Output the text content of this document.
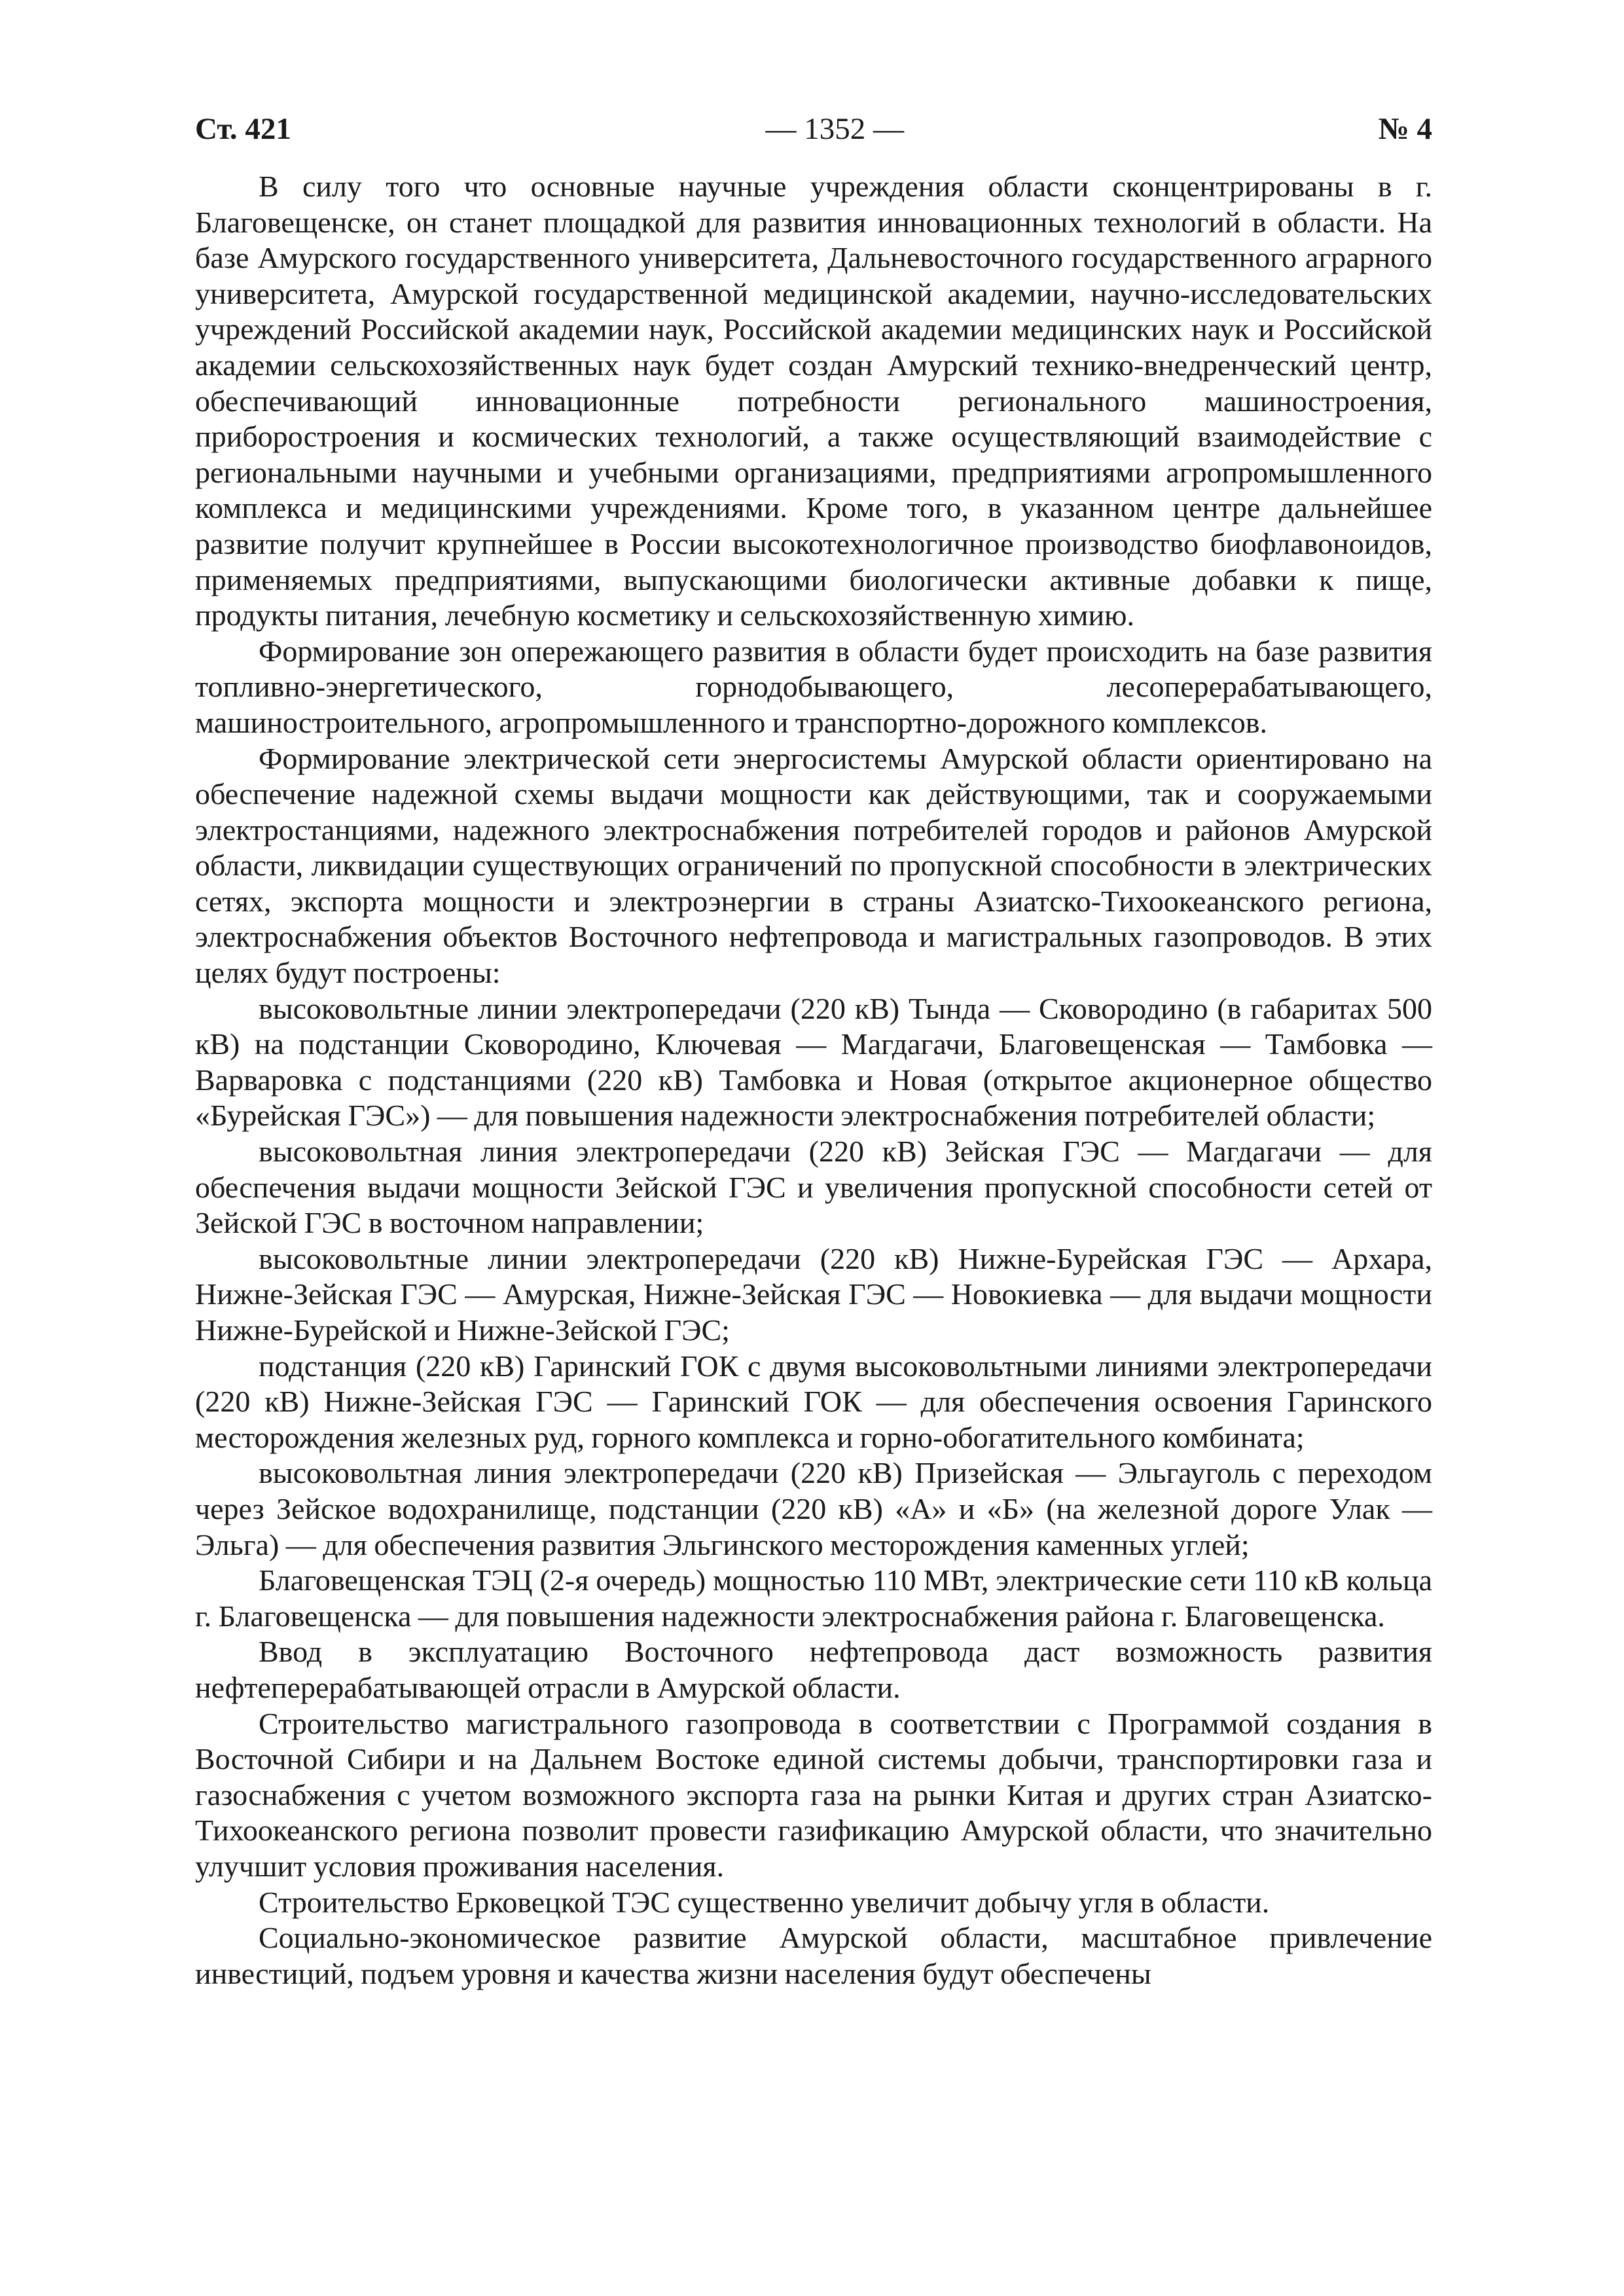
Ст. 421	— 1352 —	№ 4

В силу того что основные научные учреждения области сконцентрированы в г. Благовещенске, он станет площадкой для развития инновационных технологий в области. На базе Амурского государственного университета, Дальневосточного государственного аграрного университета, Амурской государственной медицинской академии, научно-исследовательских учреждений Российской академии наук, Российской академии медицинских наук и Российской академии сельскохозяйственных наук будет создан Амурский технико-внедренческий центр, обеспечивающий инновационные потребности регионального машиностроения, приборостроения и космических технологий, а также осуществляющий взаимодействие с региональными научными и учебными организациями, предприятиями агропромышленного комплекса и медицинскими учреждениями. Кроме того, в указанном центре дальнейшее развитие получит крупнейшее в России высокотехнологичное производство биофлавоноидов, применяемых предприятиями, выпускающими биологически активные добавки к пище, продукты питания, лечебную косметику и сельскохозяйственную химию.

Формирование зон опережающего развития в области будет происходить на базе развития топливно-энергетического, горнодобывающего, лесоперерабатывающего, машиностроительного, агропромышленного и транспортно-дорожного комплексов.

Формирование электрической сети энергосистемы Амурской области ориентировано на обеспечение надежной схемы выдачи мощности как действующими, так и сооружаемыми электростанциями, надежного электроснабжения потребителей городов и районов Амурской области, ликвидации существующих ограничений по пропускной способности в электрических сетях, экспорта мощности и электроэнергии в страны Азиатско-Тихоокеанского региона, электроснабжения объектов Восточного нефтепровода и магистральных газопроводов. В этих целях будут построены:

высоковольтные линии электропередачи (220 кВ) Тында — Сковородино (в габаритах 500 кВ) на подстанции Сковородино, Ключевая — Магдагачи, Благовещенская — Тамбовка — Варваровка с подстанциями (220 кВ) Тамбовка и Новая (открытое акционерное общество «Бурейская ГЭС») — для повышения надежности электроснабжения потребителей области;

высоковольтная линия электропередачи (220 кВ) Зейская ГЭС — Магдагачи — для обеспечения выдачи мощности Зейской ГЭС и увеличения пропускной способности сетей от Зейской ГЭС в восточном направлении;

высоковольтные линии электропередачи (220 кВ) Нижне-Бурейская ГЭС — Архара, Нижне-Зейская ГЭС — Амурская, Нижне-Зейская ГЭС — Новокиевка — для выдачи мощности Нижне-Бурейской и Нижне-Зейской ГЭС;

подстанция (220 кВ) Гаринский ГОК с двумя высоковольтными линиями электропередачи (220 кВ) Нижне-Зейская ГЭС — Гаринский ГОК — для обеспечения освоения Гаринского месторождения железных руд, горного комплекса и горно-обогатительного комбината;

высоковольтная линия электропередачи (220 кВ) Призейская — Эльгауголь с переходом через Зейское водохранилище, подстанции (220 кВ) «А» и «Б» (на железной дороге Улак — Эльга) — для обеспечения развития Эльгинского месторождения каменных углей;

Благовещенская ТЭЦ (2-я очередь) мощностью 110 МВт, электрические сети 110 кВ кольца г. Благовещенска — для повышения надежности электроснабжения района г. Благовещенска.

Ввод в эксплуатацию Восточного нефтепровода даст возможность развития нефтеперерабатывающей отрасли в Амурской области.

Строительство магистрального газопровода в соответствии с Программой создания в Восточной Сибири и на Дальнем Востоке единой системы добычи, транспортировки газа и газоснабжения с учетом возможного экспорта газа на рынки Китая и других стран Азиатско-Тихоокеанского региона позволит провести газификацию Амурской области, что значительно улучшит условия проживания населения.

Строительство Ерковецкой ТЭС существенно увеличит добычу угля в области.

Социально-экономическое развитие Амурской области, масштабное привлечение инвестиций, подъем уровня и качества жизни населения будут обеспечены
